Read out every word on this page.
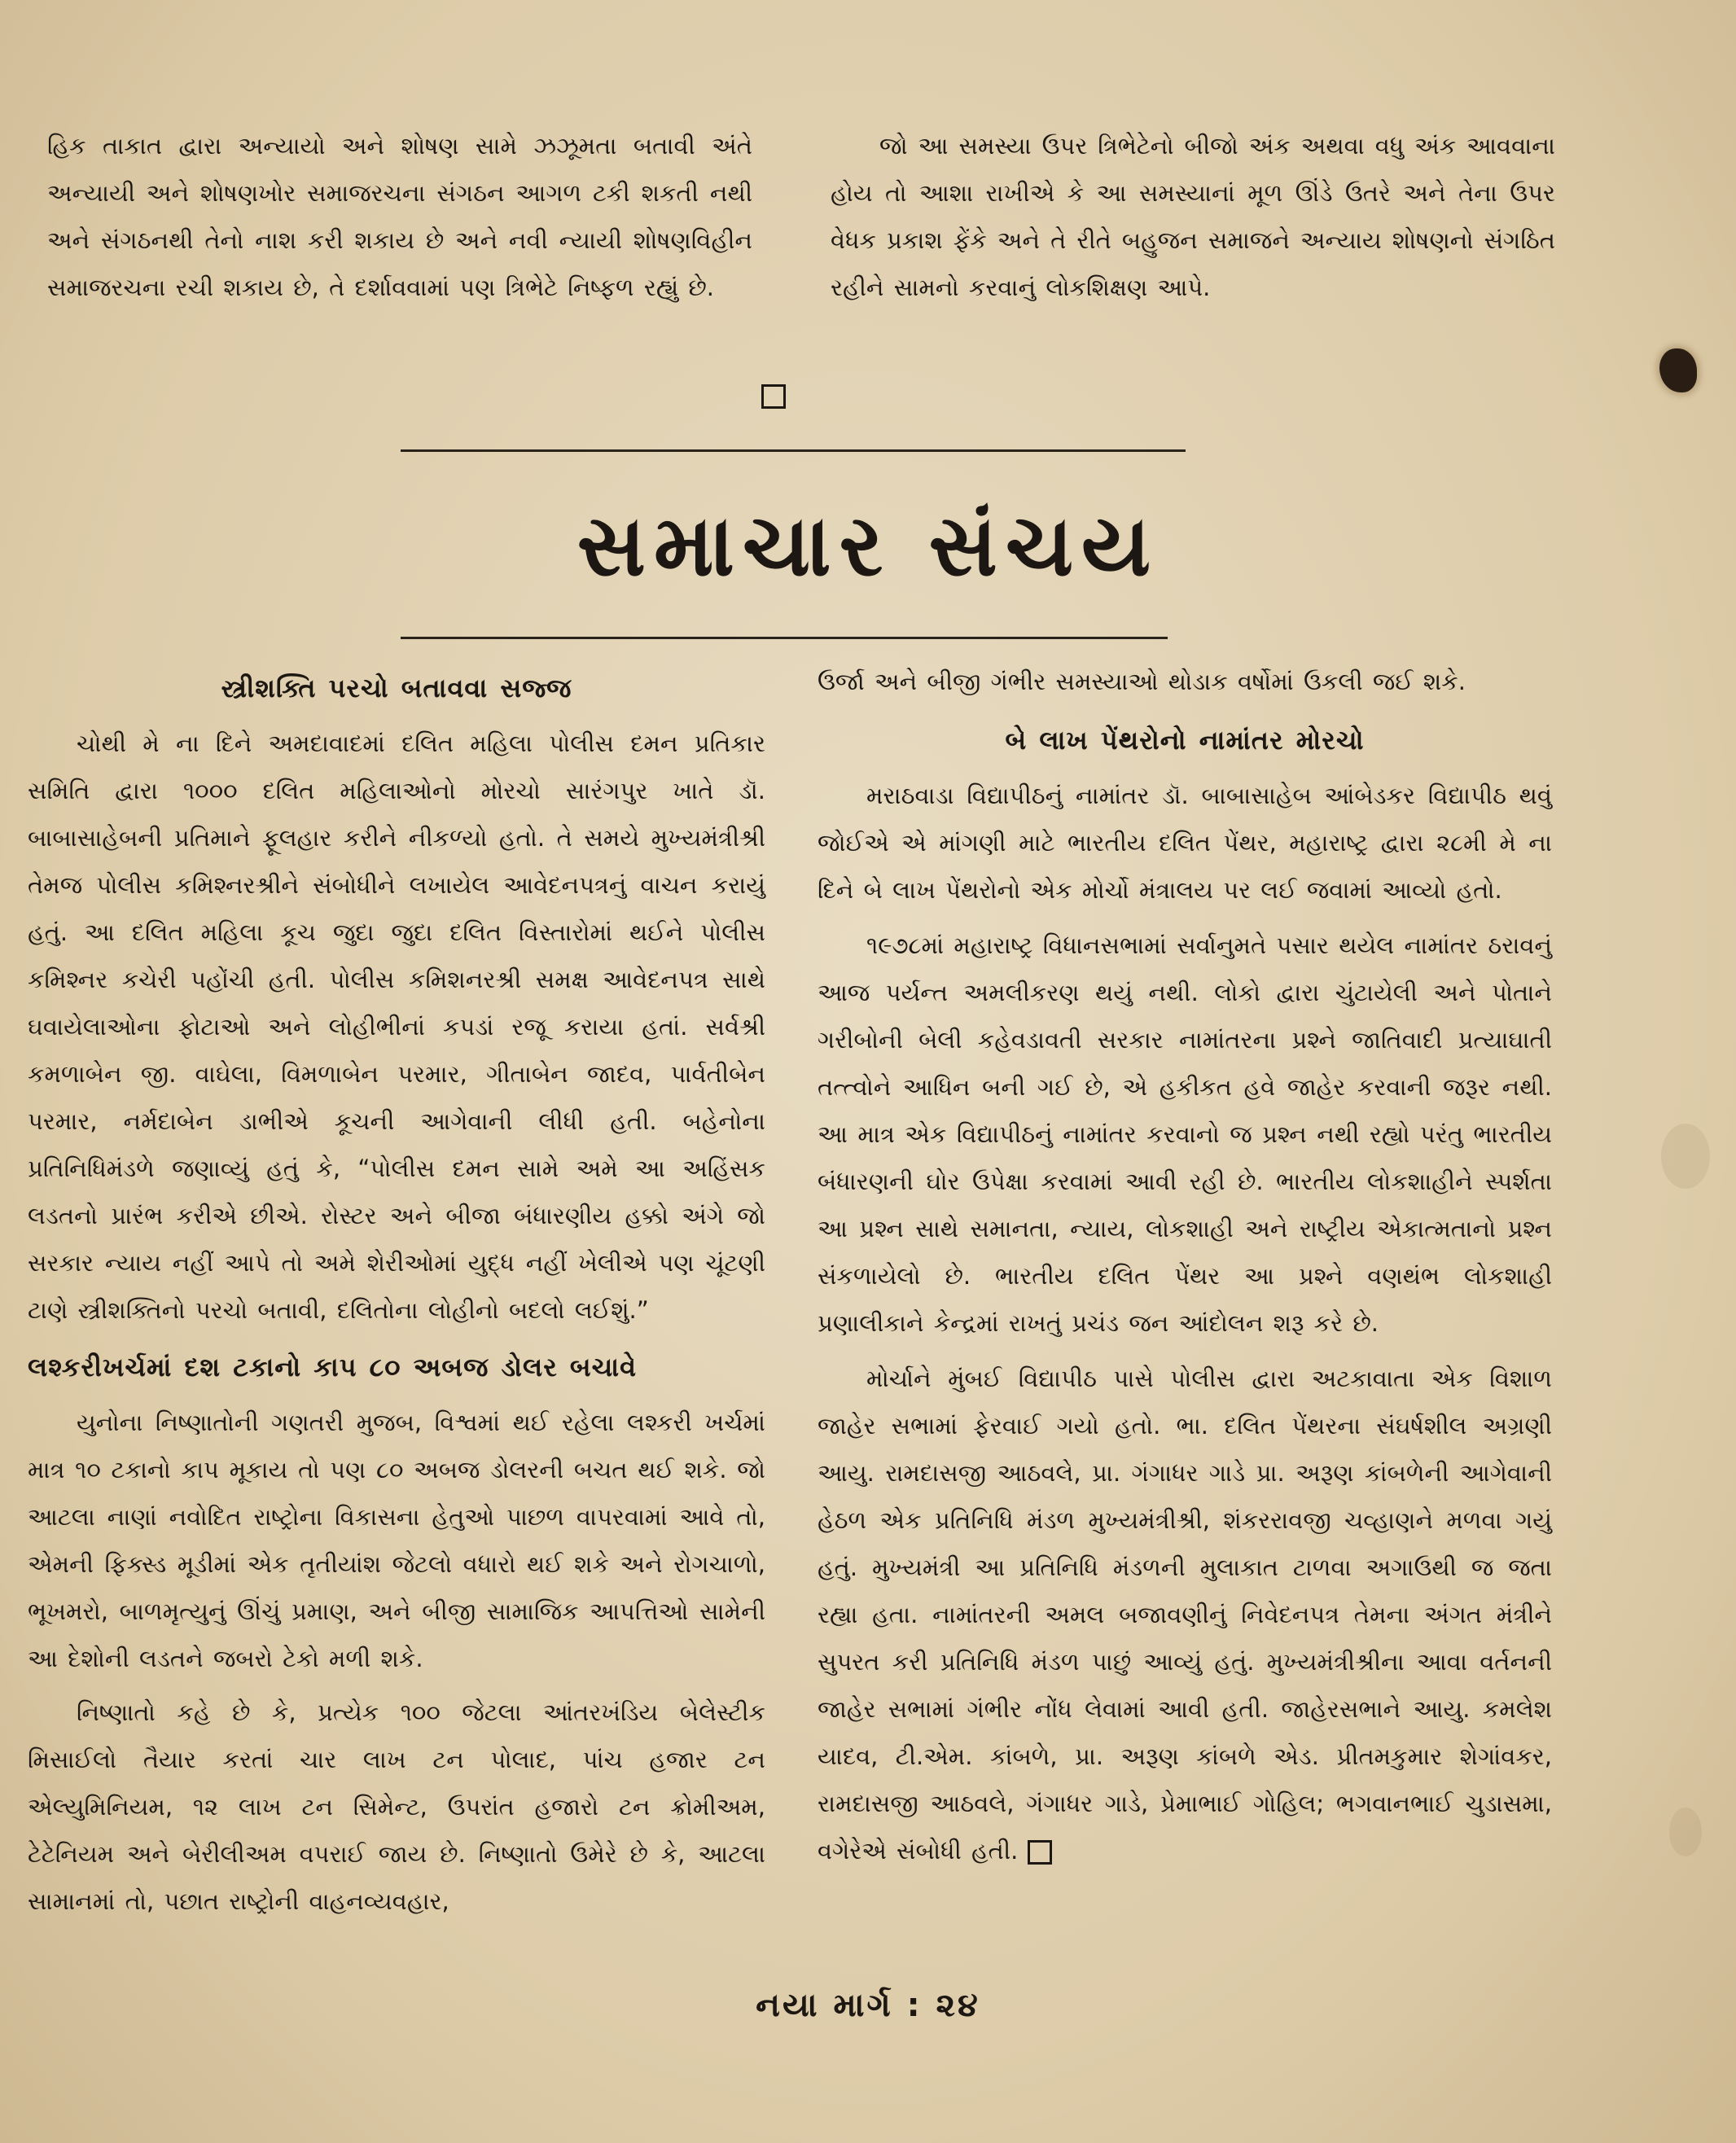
હિક તાકાત દ્વારા અન્યાયો અને શોષણ સામે ઝઝૂમતા બતાવી અંતે અન્યાયી અને શોષણખોર સમાજરચના સંગઠન આગળ ટકી શકતી નથી અને સંગઠનથી તેનો નાશ કરી શકાય છે અને નવી ન્યાયી શોષણવિહીન સમાજરચના રચી શકાય છે, તે દર્શાવવામાં પણ ત્રિભેટે નિષ્ફળ રહ્યું છે.

જો આ સમસ્યા ઉપર ત્રિભેટેનો બીજો અંક અથવા વધુ અંક આવવાના હોય તો આશા રાખીએ કે આ સમસ્યાનાં મૂળ ઊંડે ઉતરે અને તેના ઉપર વેધક પ્રકાશ ફેંકે અને તે રીતે બહુજન સમાજને અન્યાય શોષણનો સંગઠિત રહીને સામનો કરવાનું લોકશિક્ષણ આપે.

સમાચાર સંચય
સ્ત્રીશક્તિ પરચો બતાવવા સજ્જ

ચોથી મે ના દિને અમદાવાદમાં દલિત મહિલા પોલીસ દમન પ્રતિકાર સમિતિ દ્વારા ૧૦૦૦ દલિત મહિલાઓનો મોરચો સારંગપુર ખાતે ડૉ. બાબાસાહેબની પ્રતિમાને ફૂલહાર કરીને નીકળ્યો હતો. તે સમયે મુખ્યમંત્રીશ્રી તેમજ પોલીસ કમિશ્નરશ્રીને સંબોધીને લખાયેલ આવેદનપત્રનું વાચન કરાયું હતું. આ દલિત મહિલા કૂચ જુદા જુદા દલિત વિસ્તારોમાં થઈને પોલીસ કમિશ્નર કચેરી પહોંચી હતી. પોલીસ કમિશનરશ્રી સમક્ષ આવેદનપત્ર સાથે ઘવાયેલાઓના ફોટાઓ અને લોહીભીનાં કપડાં રજૂ કરાયા હતાં. સર્વશ્રી કમળાબેન જી. વાઘેલા, વિમળાબેન પરમાર, ગીતાબેન જાદવ, પાર્વતીબેન પરમાર, નર્મદાબેન ડાભીએ કૂચની આગેવાની લીધી હતી. બહેનોના પ્રતિનિધિમંડળે જણાવ્યું હતું કે, “પોલીસ દમન સામે અમે આ અહિંસક લડતનો પ્રારંભ કરીએ છીએ. રોસ્ટર અને બીજા બંધારણીય હક્કો અંગે જો સરકાર ન્યાય નહીં આપે તો અમે શેરીઓમાં યુદ્ધ નહીં ખેલીએ પણ ચૂંટણી ટાણે સ્ત્રીશક્તિનો પરચો બતાવી, દલિતોના લોહીનો બદલો લઈશું.”

લશ્કરીખર્ચમાં દશ ટકાનો કાપ ૮૦ અબજ ડોલર બચાવે

યુનોના નિષ્ણાતોની ગણતરી મુજબ, વિશ્વમાં થઈ રહેલા લશ્કરી ખર્ચમાં માત્ર ૧૦ ટકાનો કાપ મૂકાય તો પણ ૮૦ અબજ ડોલરની બચત થઈ શકે. જો આટલા નાણાં નવોદિત રાષ્ટ્રોના વિકાસના હેતુઓ પાછળ વાપરવામાં આવે તો, એમની ફિક્સ્ડ મૂડીમાં એક તૃતીયાંશ જેટલો વધારો થઈ શકે અને રોગચાળો, ભૂખમરો, બાળમૃત્યુનું ઊંચું પ્રમાણ, અને બીજી સામાજિક આપત્તિઓ સામેની આ દેશોની લડતને જબરો ટેકો મળી શકે.

નિષ્ણાતો કહે છે કે, પ્રત્યેક ૧૦૦ જેટલા આંતરખંડિય બેલેસ્ટીક મિસાઈલો તૈયાર કરતાં ચાર લાખ ટન પોલાદ, પાંચ હજાર ટન એલ્યુમિનિયમ, ૧૨ લાખ ટન સિમેન્ટ, ઉપરાંત હજારો ટન ક્રોમીઅમ, ટેટેનિયમ અને બેરીલીઅમ વપરાઈ જાય છે. નિષ્ણાતો ઉમેરે છે કે, આટલા સામાનમાં તો, પછાત રાષ્ટ્રોની વાહનવ્યવહાર,

ઉર્જા અને બીજી ગંભીર સમસ્યાઓ થોડાક વર્ષોમાં ઉકલી જઈ શકે.

બે લાખ પેંથરોનો નામાંતર મોરચો

મરાઠવાડા વિદ્યાપીઠનું નામાંતર ડૉ. બાબાસાહેબ આંબેડકર વિદ્યાપીઠ થવું જોઈએ એ માંગણી માટે ભારતીય દલિત પેંથર, મહારાષ્ટ્ર દ્વારા ૨૮મી મે ના દિને બે લાખ પેંથરોનો એક મોર્ચો મંત્રાલય પર લઈ જવામાં આવ્યો હતો.

૧૯૭૮માં મહારાષ્ટ્ર વિધાનસભામાં સર્વાનુમતે પસાર થયેલ નામાંતર ઠરાવનું આજ પર્યન્ત અમલીકરણ થયું નથી. લોકો દ્વારા ચુંટાયેલી અને પોતાને ગરીબોની બેલી કહેવડાવતી સરકાર નામાંતરના પ્રશ્ને જાતિવાદી પ્રત્યાઘાતી તત્ત્વોને આધિન બની ગઈ છે, એ હકીકત હવે જાહેર કરવાની જરૂર નથી. આ માત્ર એક વિદ્યાપીઠનું નામાંતર કરવાનો જ પ્રશ્ન નથી રહ્યો પરંતુ ભારતીય બંધારણની ઘોર ઉપેક્ષા કરવામાં આવી રહી છે. ભારતીય લોકશાહીને સ્પર્શતા આ પ્રશ્ન સાથે સમાનતા, ન્યાય, લોકશાહી અને રાષ્ટ્રીય એકાત્મતાનો પ્રશ્ન સંકળાયેલો છે. ભારતીય દલિત પેંથર આ પ્રશ્ને વણથંભ લોકશાહી પ્રણાલીકાને કેન્દ્રમાં રાખતું પ્રચંડ જન આંદોલન શરૂ કરે છે.

મોર્ચાને મુંબઈ વિદ્યાપીઠ પાસે પોલીસ દ્વારા અટકાવાતા એક વિશાળ જાહેર સભામાં ફેરવાઈ ગયો હતો. ભા. દલિત પેંથરના સંઘર્ષશીલ અગ્રણી આયુ. રામદાસજી આઠવલે, પ્રા. ગંગાધર ગાડે પ્રા. અરૂણ કાંબળેની આગેવાની હેઠળ એક પ્રતિનિધિ મંડળ મુખ્યમંત્રીશ્રી, શંકરરાવજી ચવ્હાણને મળવા ગયું હતું. મુખ્યમંત્રી આ પ્રતિનિધિ મંડળની મુલાકાત ટાળવા અગાઉથી જ જતા રહ્યા હતા. નામાંતરની અમલ બજાવણીનું નિવેદનપત્ર તેમના અંગત મંત્રીને સુપરત કરી પ્રતિનિધિ મંડળ પાછું આવ્યું હતું. મુખ્યમંત્રીશ્રીના આવા વર્તનની જાહેર સભામાં ગંભીર નોંધ લેવામાં આવી હતી. જાહેરસભાને આયુ. કમલેશ યાદવ, ટી.એમ. કાંબળે, પ્રા. અરૂણ કાંબળે એડ. પ્રીતમકુમાર શેગાંવકર, રામદાસજી આઠવલે, ગંગાધર ગાડે, પ્રેમાભાઈ ગોહિલ; ભગવાનભાઈ ચુડાસમા, વગેરેએ સંબોધી હતી.

નયા માર્ગ : ૨૪
